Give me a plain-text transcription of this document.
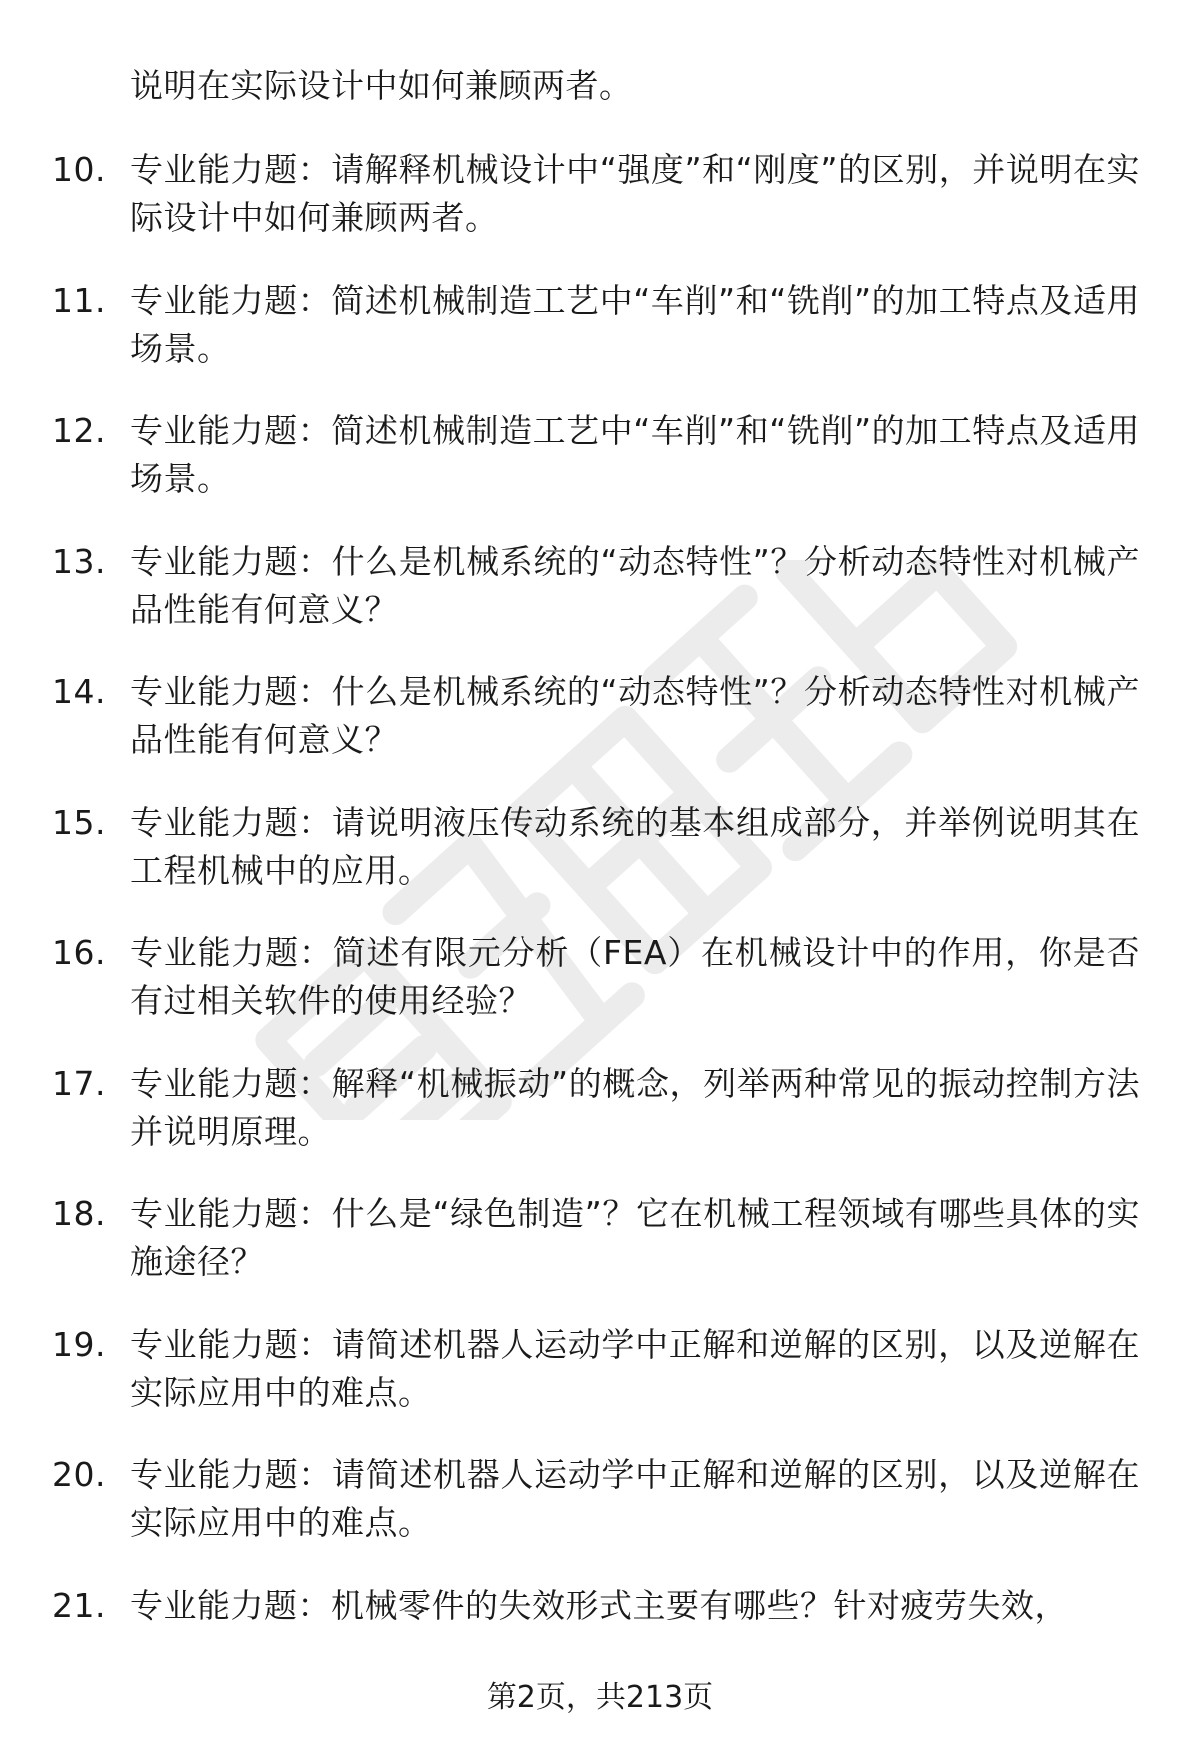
说明在实际设计中如何兼顾两者。
10. 专业能力题：请解释机械设计中“强度”和“刚度”的区别，并说明在实际设计中如何兼顾两者。
11. 专业能力题：简述机械制造工艺中“车削”和“铣削”的加工特点及适用场景。
12. 专业能力题：简述机械制造工艺中“车削”和“铣削”的加工特点及适用场景。
13. 专业能力题：什么是机械系统的“动态特性”？分析动态特性对机械产品性能有何意义？
14. 专业能力题：什么是机械系统的“动态特性”？分析动态特性对机械产品性能有何意义？
15. 专业能力题：请说明液压传动系统的基本组成部分，并举例说明其在工程机械中的应用。
16. 专业能力题：简述有限元分析（FEA）在机械设计中的作用，你是否有过相关软件的使用经验？
17. 专业能力题：解释“机械振动”的概念，列举两种常见的振动控制方法并说明原理。
18. 专业能力题：什么是“绿色制造”？它在机械工程领域有哪些具体的实施途径？
19. 专业能力题：请简述机器人运动学中正解和逆解的区别，以及逆解在实际应用中的难点。
20. 专业能力题：请简述机器人运动学中正解和逆解的区别，以及逆解在实际应用中的难点。
21. 专业能力题：机械零件的失效形式主要有哪些？针对疲劳失效，
第2页，共213页
